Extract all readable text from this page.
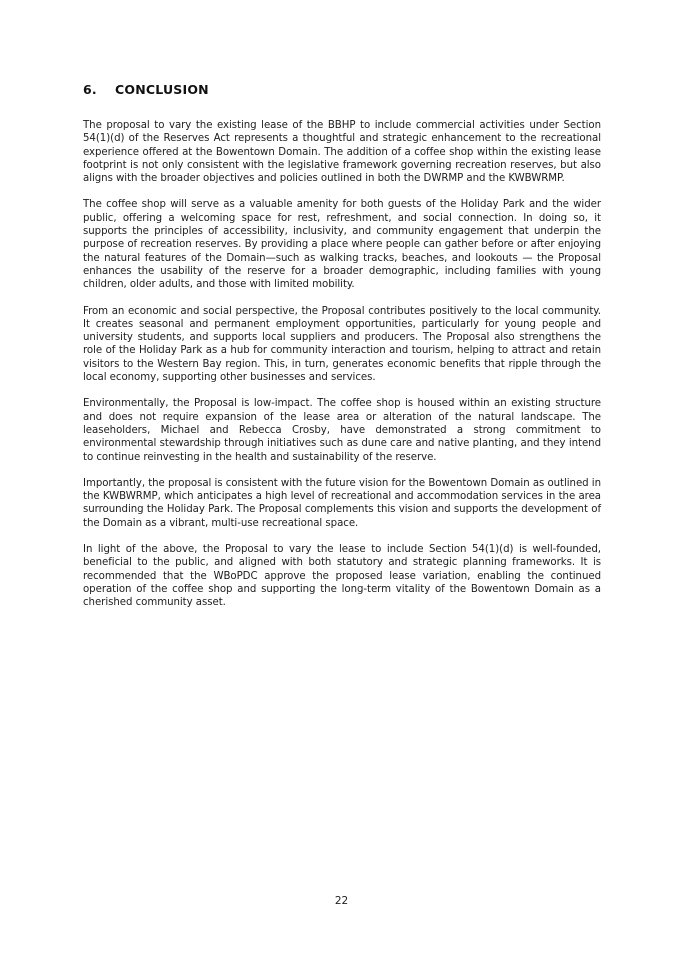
6. CONCLUSION

The proposal to vary the existing lease of the BBHP to include commercial activities under Section 54(1)(d) of the Reserves Act represents a thoughtful and strategic enhancement to the recreational experience offered at the Bowentown Domain. The addition of a coffee shop within the existing lease footprint is not only consistent with the legislative framework governing recreation reserves, but also aligns with the broader objectives and policies outlined in both the DWRMP and the KWBWRMP.

The coffee shop will serve as a valuable amenity for both guests of the Holiday Park and the wider public, offering a welcoming space for rest, refreshment, and social connection. In doing so, it supports the principles of accessibility, inclusivity, and community engagement that underpin the purpose of recreation reserves. By providing a place where people can gather before or after enjoying the natural features of the Domain—such as walking tracks, beaches, and lookouts — the Proposal enhances the usability of the reserve for a broader demographic, including families with young children, older adults, and those with limited mobility.

From an economic and social perspective, the Proposal contributes positively to the local community. It creates seasonal and permanent employment opportunities, particularly for young people and university students, and supports local suppliers and producers. The Proposal also strengthens the role of the Holiday Park as a hub for community interaction and tourism, helping to attract and retain visitors to the Western Bay region. This, in turn, generates economic benefits that ripple through the local economy, supporting other businesses and services.

Environmentally, the Proposal is low-impact. The coffee shop is housed within an existing structure and does not require expansion of the lease area or alteration of the natural landscape. The leaseholders, Michael and Rebecca Crosby, have demonstrated a strong commitment to environmental stewardship through initiatives such as dune care and native planting, and they intend to continue reinvesting in the health and sustainability of the reserve.

Importantly, the proposal is consistent with the future vision for the Bowentown Domain as outlined in the KWBWRMP, which anticipates a high level of recreational and accommodation services in the area surrounding the Holiday Park. The Proposal complements this vision and supports the development of the Domain as a vibrant, multi-use recreational space.

In light of the above, the Proposal to vary the lease to include Section 54(1)(d) is well-founded, beneficial to the public, and aligned with both statutory and strategic planning frameworks. It is recommended that the WBoPDC approve the proposed lease variation, enabling the continued operation of the coffee shop and supporting the long-term vitality of the Bowentown Domain as a cherished community asset.

22
